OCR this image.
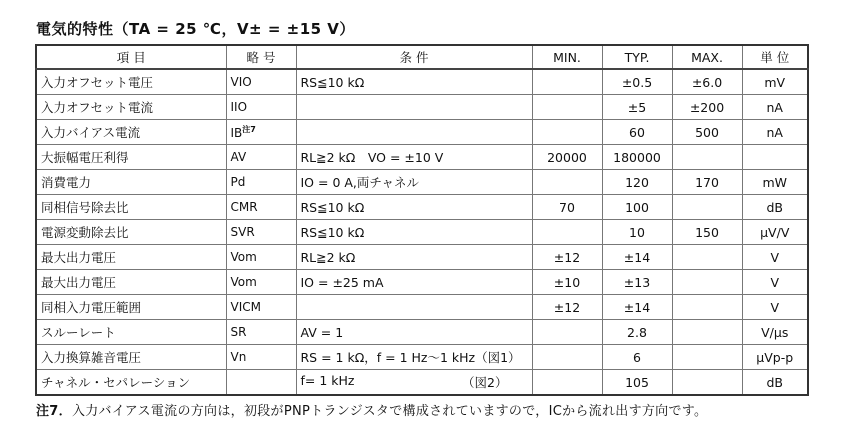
電気的特性（TA = 25 ℃，V± = ±15 V）
項 目	略 号	条 件	MIN.	TYP.	MAX.	単 位
入力オフセット電圧	VIO	RS≦10 kΩ		±0.5	±6.0	mV
入力オフセット電流	IIO			±5	±200	nA
入力バイアス電流	IB$^{注7}$			60	500	nA
大振幅電圧利得	AV	RL≧2 kΩ　VO = ±10 V	20000	180000		
消費電力	Pd	IO = 0 A,両チャネル		120	170	mW
同相信号除去比	CMR	RS≦10 kΩ	70	100		dB
電源変動除去比	SVR	RS≦10 kΩ		10	150	μV/V
最大出力電圧	Vom	RL≧2 kΩ	±12	±14		V
最大出力電圧	Vom	IO = ±25 mA	±10	±13		V
同相入力電圧範囲	VICM		±12	±14		V
スルーレート	SR	AV = 1		2.8		V/μs
入力換算雑音電圧	Vn	RS = 1 kΩ，f = 1 Hz〜1 kHz（図1）		6		μVp-p
チャネル・セパレーション		f= 1 kHz （図2）		105		dB
注7．入力バイアス電流の方向は，初段がPNPトランジスタで構成されていますので，ICから流れ出す方向です。
